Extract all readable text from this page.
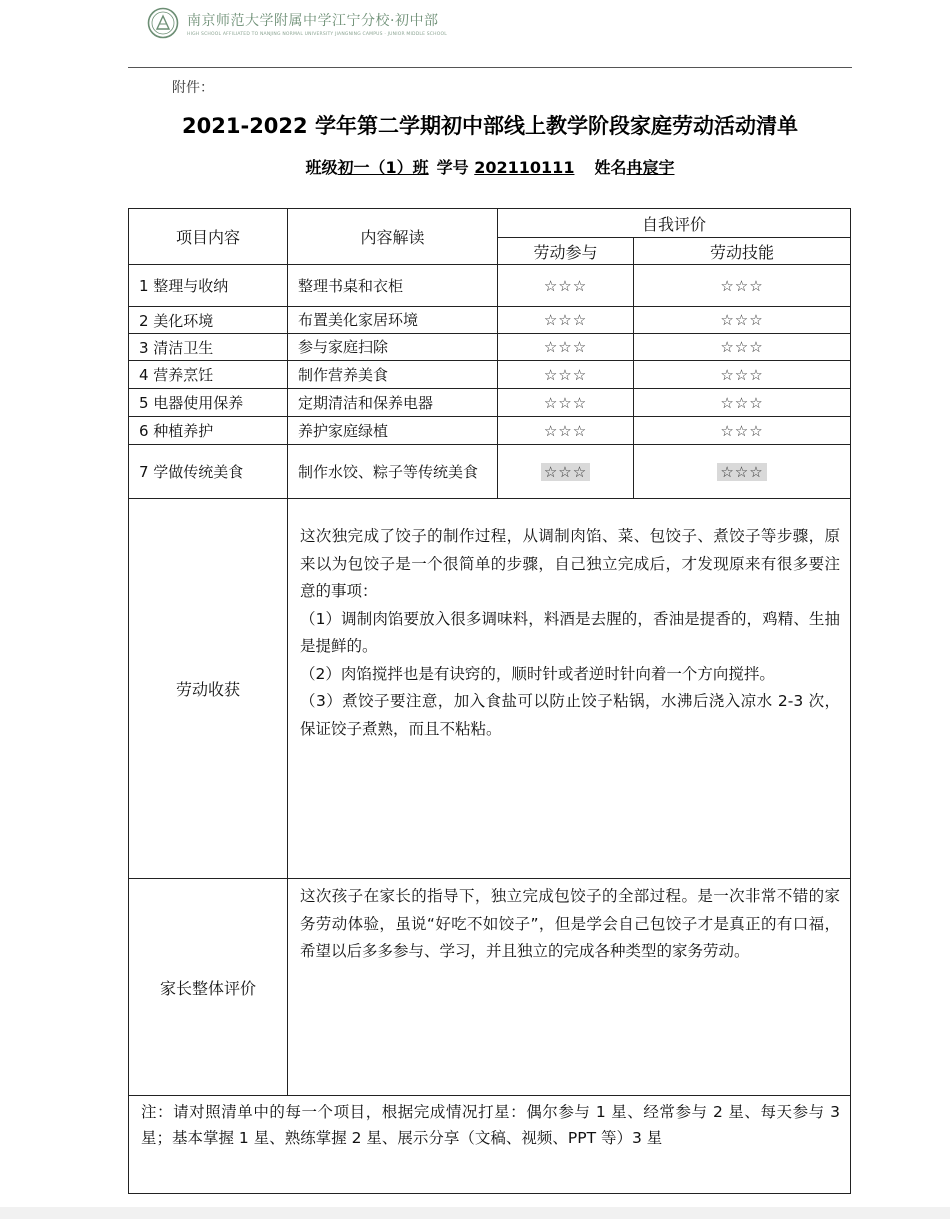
南京师范大学附属中学江宁分校·初中部
HIGH SCHOOL AFFILIATED TO NANJING NORMAL UNIVERSITY JIANGNING CAMPUS · JUNIOR MIDDLE SCHOOL
附件：
2021-2022 学年第二学期初中部线上教学阶段家庭劳动活动清单
班级初一（1）班 学号 202110111 姓名冉宸宇
项目内容	内容解读	自我评价	
		劳动参与	劳动技能
1 整理与收纳	整理书桌和衣柜	☆☆☆	☆☆☆
2 美化环境	布置美化家居环境	☆☆☆	☆☆☆
3 清洁卫生	参与家庭扫除	☆☆☆	☆☆☆
4 营养烹饪	制作营养美食	☆☆☆	☆☆☆
5 电器使用保养	定期清洁和保养电器	☆☆☆	☆☆☆
6 种植养护	养护家庭绿植	☆☆☆	☆☆☆
7 学做传统美食	制作水饺、粽子等传统美食	☆☆☆	☆☆☆
劳动收获	这次独完成了饺子的制作过程，从调制肉馅、菜、包饺子、煮饺子等步骤，原来以为包饺子是一个很简单的步骤，自己独立完成后，才发现原来有很多要注意的事项：

（1）调制肉馅要放入很多调味料，料酒是去腥的，香油是提香的，鸡精、生抽是提鲜的。

（2）肉馅搅拌也是有诀窍的，顺时针或者逆时针向着一个方向搅拌。

（3）煮饺子要注意，加入食盐可以防止饺子粘锅，水沸后浇入凉水 2-3 次，保证饺子煮熟，而且不粘粘。		

家长整体评价	这次孩子在家长的指导下，独立完成包饺子的全部过程。是一次非常不错的家务劳动体验，虽说“好吃不如饺子”，但是学会自己包饺子才是真正的有口福，希望以后多多参与、学习，并且独立的完成各种类型的家务劳动。		

注：请对照清单中的每一个项目，根据完成情况打星：偶尔参与 1 星、经常参与 2 星、每天参与 3 星；基本掌握 1 星、熟练掌握 2 星、展示分享（文稿、视频、PPT 等）3 星			
